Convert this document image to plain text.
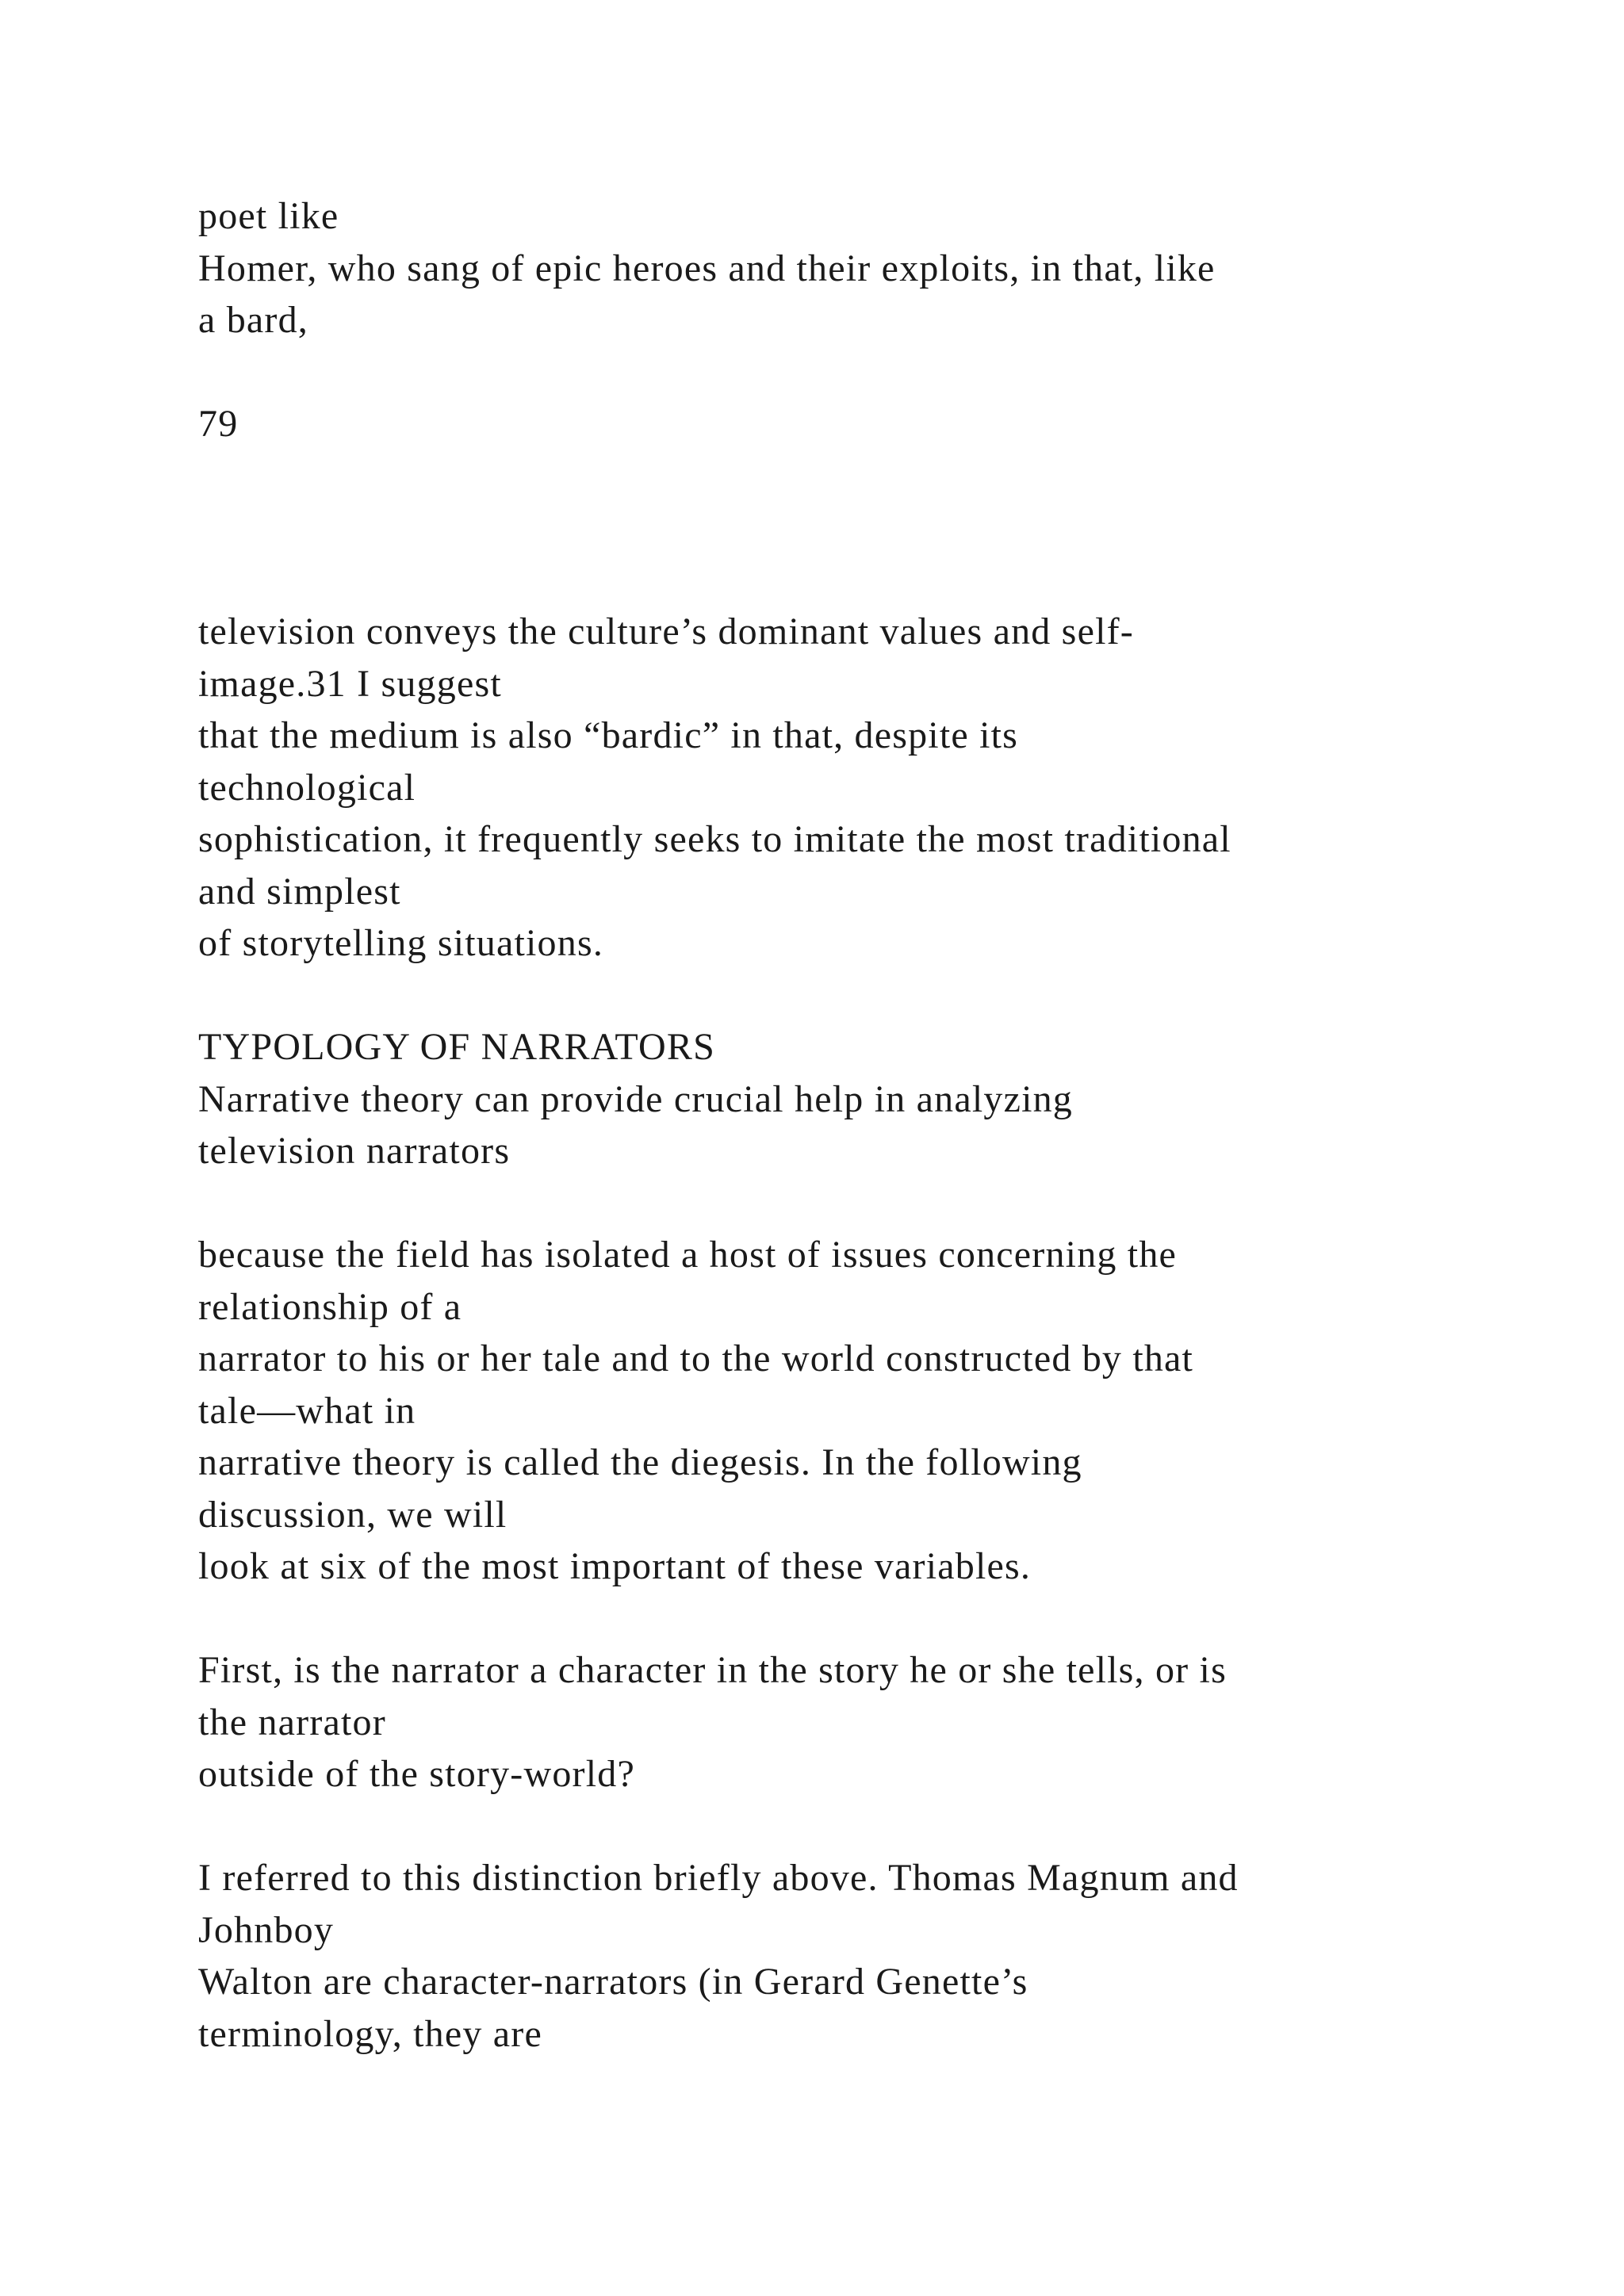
poet like
Homer, who sang of epic heroes and their exploits, in that, like
a bard,
79
television conveys the culture’s dominant values and self-
image.31 I suggest
that the medium is also “bardic” in that, despite its
technological
sophistication, it frequently seeks to imitate the most traditional
and simplest
of storytelling situations.
TYPOLOGY OF NARRATORS
Narrative theory can provide crucial help in analyzing
television narrators
because the field has isolated a host of issues concerning the
relationship of a
narrator to his or her tale and to the world constructed by that
tale—what in
narrative theory is called the diegesis. In the following
discussion, we will
look at six of the most important of these variables.
First, is the narrator a character in the story he or she tells, or is
the narrator
outside of the story-world?
I referred to this distinction briefly above. Thomas Magnum and
Johnboy
Walton are character-narrators (in Gerard Genette’s
terminology, they are
